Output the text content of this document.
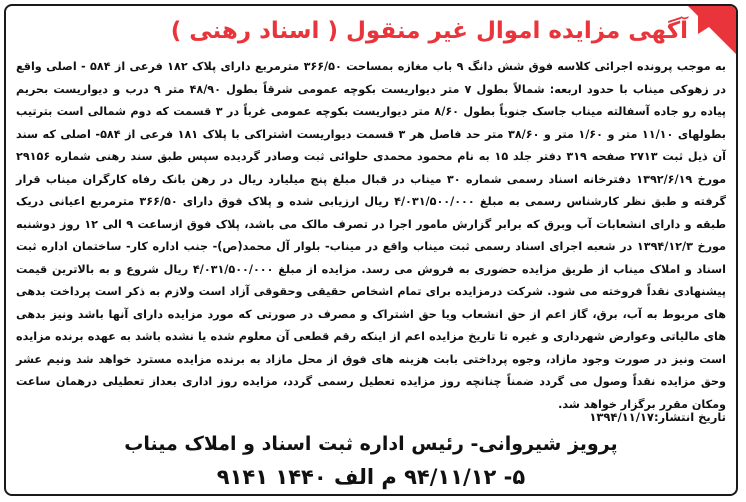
آگهی مزایده اموال غیر منقول ( اسناد رهنی )
به موجب پرونده اجرائی کلاسه فوق شش دانگ ۹ باب مغازه بمساحت ۳۶۶/۵۰ مترمربع دارای پلاک ۱۸۲ فرعی از ۵۸۴ - اصلی واقع در زهوکی میناب با حدود اربعه: شمالاً بطول ۷ متر دیواریست بکوچه عمومی شرقاً بطول ۴۸/۹۰ متر ۹ درب و دیواریست بحریم پیاده رو جاده آسفالته میناب جاسک جنوباً بطول ۸/۶۰ متر دیواریست بکوچه عمومی غرباً در ۳ قسمت که دوم شمالی است بترتیب بطولهای ۱۱/۱۰ متر و ۱/۶۰ متر و ۳۸/۶۰ متر حد فاصل هر ۳ قسمت دیواریست اشتراکی با پلاک ۱۸۱ فرعی از ۵۸۴- اصلی که سند آن ذیل ثبت ۲۷۱۳ صفحه ۳۱۹ دفتر جلد ۱۵ به نام محمود محمدی حلوائی ثبت وصادر گردیده سپس طبق سند رهنی شماره ۲۹۱۵۶ مورخ ۱۳۹۲/۶/۱۹ دفترخانه اسناد رسمی شماره ۳۰ میناب در قبال مبلغ پنج میلیارد ریال در رهن بانک رفاه کارگران میناب قرار گرفته و طبق نظر کارشناس رسمی به مبلغ ۴/۰۳۱/۵۰۰/۰۰۰ ریال ارزیابی شده و پلاک فوق دارای ۳۶۶/۵۰ مترمربع اعیانی دریک طبقه و دارای انشعابات آب وبرق که برابر گزارش مامور اجرا در تصرف مالک می باشد، پلاک فوق ازساعت ۹ الی ۱۲ روز دوشنبه مورخ ۱۳۹۴/۱۲/۳ در شعبه اجرای اسناد رسمی ثبت میناب واقع در میناب- بلوار آل محمد(ص)- جنب اداره کار- ساختمان اداره ثبت اسناد و املاک میناب از طریق مزایده حضوری به فروش می رسد. مزایده از مبلغ ۴/۰۳۱/۵۰۰/۰۰۰ ریال شروع و به بالاترین قیمت پیشنهادی نقداً فروخته می شود. شرکت درمزایده برای تمام اشخاص حقیقی وحقوقی آزاد است ولازم به ذکر است پرداخت بدهی های مربوط به آب، برق، گاز اعم از حق انشعاب ویا حق اشتراک و مصرف در صورتی که مورد مزایده دارای آنها باشد ونیز بدهی های مالیاتی وعوارض شهرداری و غیره تا تاریخ مزایده اعم از اینکه رقم قطعی آن معلوم شده یا نشده باشد به عهده برنده مزایده است ونیز در صورت وجود مازاد، وجوه پرداختی بابت هزینه های فوق از محل مازاد به برنده مزایده مسترد خواهد شد ونیم عشر وحق مزایده نقداً وصول می گردد ضمناً چنانچه روز مزایده تعطیل رسمی گردد، مزایده روز اداری بعداز تعطیلی درهمان ساعت ومکان مقرر برگزار خواهد شد.
تاریخ انتشار:۱۳۹۴/۱۱/۱۷
پرویز شیروانی- رئیس اداره ثبت اسناد و املاک میناب
۵- ۹۴/۱۱/۱۲ م الف ۱۴۴۰ ۹۱۴۱
